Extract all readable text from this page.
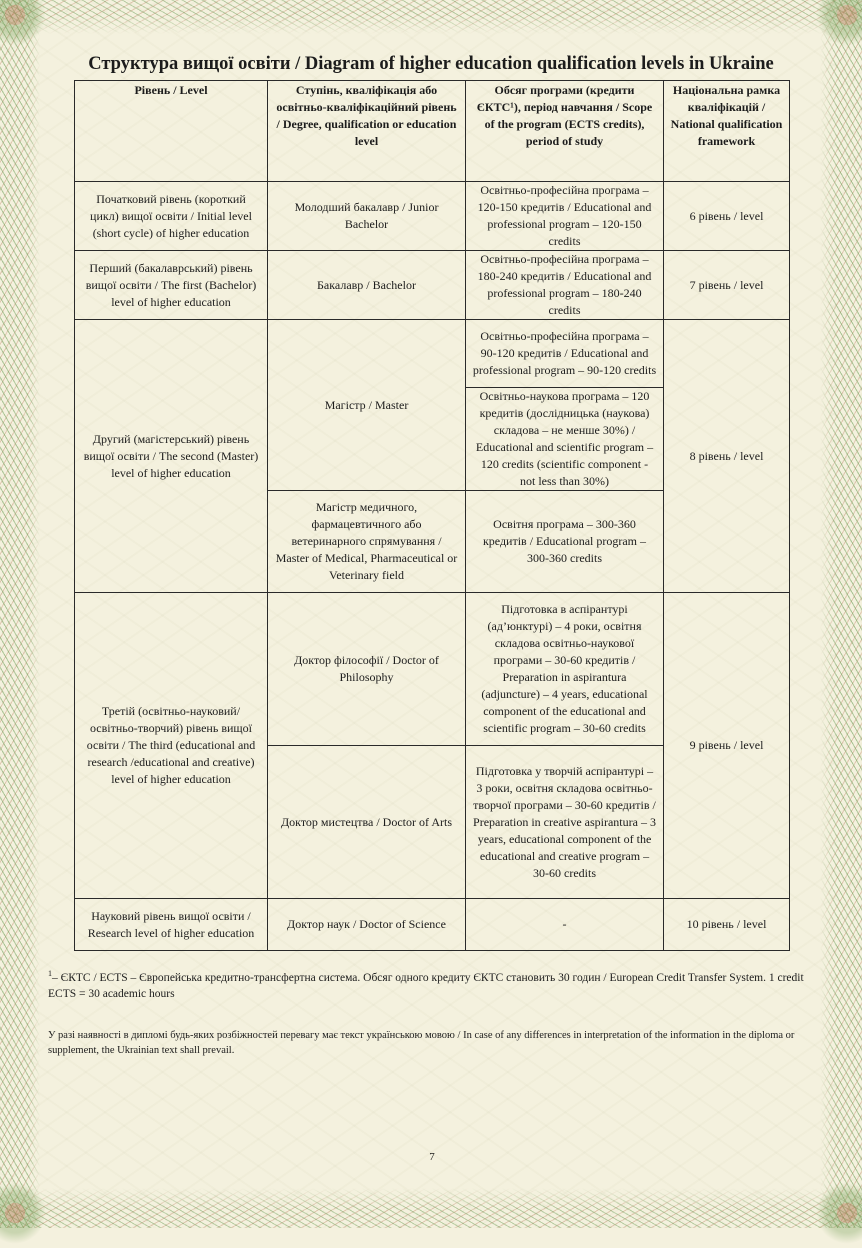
Структура вищої освіти / Diagram of higher education qualification levels in Ukraine
Рівень / Level	Ступінь, кваліфікація або освітньо-кваліфікаційний рівень / Degree, qualification or education level	Обсяг програми (кредити ЄКТС¹), період навчання / Scope of the program (ECTS credits), period of study	Національна рамка кваліфікацій / National qualification framework
Початковий рівень (короткий цикл) вищої освіти / Initial level (short cycle) of higher education	Молодший бакалавр / Junior Bachelor	Освітньо-професійна програма – 120-150 кредитів / Educational and professional program – 120-150 credits	6 рівень / level
Перший (бакалаврський) рівень вищої освіти / The first (Bachelor) level of higher education	Бакалавр / Bachelor	Освітньо-професійна програма – 180-240 кредитів / Educational and professional program – 180-240 credits	7 рівень / level
Другий (магістерський) рівень вищої освіти / The second (Master) level of higher education	Магістр / Master	Освітньо-професійна програма – 90-120 кредитів / Educational and professional program – 90-120 credits	8 рівень / level
		Освітньо-наукова програма – 120 кредитів (дослідницька (наукова) складова – не менше 30%) / Educational and scientific program – 120 credits (scientific component - not less than 30%)	
	Магістр медичного, фармацевтичного або ветеринарного спрямування / Master of Medical, Pharmaceutical or Veterinary field	Освітня програма – 300-360 кредитів / Educational program – 300-360 credits	

Третій (освітньо-науковий/освітньо-творчий) рівень вищої освіти / The third (educational and research /educational and creative) level of higher education	Доктор філософії / Doctor of Philosophy	Підготовка в аспірантурі (ад’юнктурі) – 4 роки, освітня складова освітньо-наукової програми – 30-60 кредитів / Preparation in aspirantura (adjuncture) – 4 years, educational component of the educational and scientific program – 30-60 credits	9 рівень / level
	Доктор мистецтва / Doctor of Arts	Підготовка у творчій аспірантурі – 3 роки, освітня складова освітньо-творчої програми – 30-60 кредитів / Preparation in creative aspirantura – 3 years, educational component of the educational and creative program – 30-60 credits	
Науковий рівень вищої освіти / Research level of higher education	Доктор наук / Doctor of Science	-	10 рівень / level
$^1$– ЄКТС / ECTS – Європейська кредитно-трансфертна система. Обсяг одного кредиту ЄКТС становить 30 годин / European Credit Transfer System. 1 credit ECTS = 30 academic hours
У разі наявності в дипломі будь-яких розбіжностей перевагу має текст українською мовою / In case of any differences in interpretation of the information in the diploma or supplement, the Ukrainian text shall prevail.
7
